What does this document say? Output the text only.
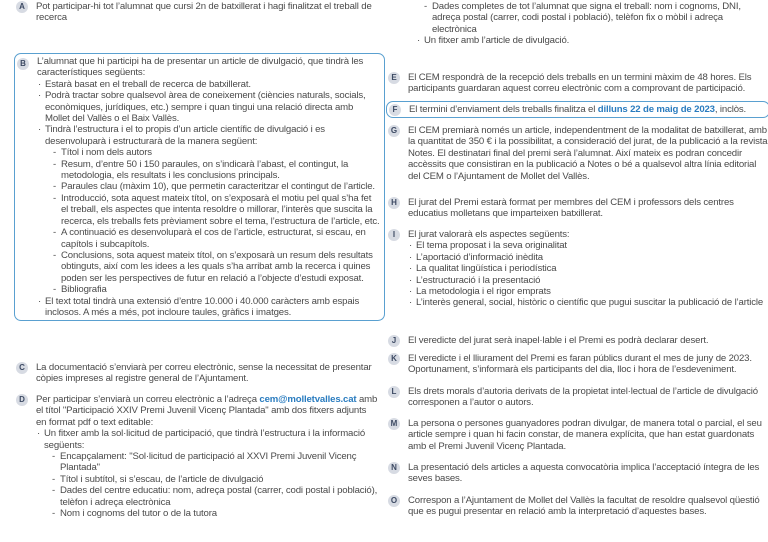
A	Pot participar-hi tot l’alumnat que cursi 2n de batxillerat i hagi finalitzat el treball de recerca
B	L’alumnat que hi participi ha de presentar un article de divulgació, que tindrà les característiques següents:
· Estarà basat en el treball de recerca de batxillerat.
· Podrà tractar sobre qualsevol àrea de coneixement (ciències naturals, socials, econòmiques, jurídiques, etc.) sempre i quan tingui una relació directa amb Mollet del Vallès o el Baix Vallès.
· Tindrà l’estructura i el to propis d’un article científic de divulgació i es desenvoluparà i estructurarà de la manera següent:
- Títol i nom dels autors
- Resum, d’entre 50 i 150 paraules, on s’indicarà l’abast, el contingut, la metodologia, els resultats i les conclusions principals.
- Paraules clau (màxim 10), que permetin caracteritzar el contingut de l’article.
- Introducció, sota aquest mateix títol, on s’exposarà el motiu pel qual s’ha fet el treball, els aspectes que intenta resoldre o millorar, l’interès que suscita la recerca, els treballs fets prèviament sobre el tema, l’estructura de l’article, etc.
- A continuació es desenvoluparà el cos de l’article, estructurat, si escau, en capítols i subcapítols.
- Conclusions, sota aquest mateix títol, on s’exposarà un resum dels resultats obtinguts, així com les idees a les quals s’ha arribat amb la recerca i quines poden ser les perspectives de futur en relació a l’objecte d’estudi exposat.
- Bibliografia
· El text total tindrà una extensió d’entre 10.000 i 40.000 caràcters amb espais inclosos. A més a més, pot incloure taules, gràfics i imatges.
C	La documentació s’enviarà per correu electrònic, sense la necessitat de presentar còpies impreses al registre general de l’Ajuntament.
D	Per participar s’enviarà un correu electrònic a l’adreça cem@molletvalles.cat amb el títol "Participació XXIV Premi Juvenil Vicenç Plantada" amb dos fitxers adjunts en format pdf o text editable:
· Un fitxer amb la sol·licitud de participació, que tindrà l’estructura i la informació següents:
- Encapçalament: "Sol·licitud de participació al XXVI Premi Juvenil Vicenç Plantada"
- Títol i subtítol, si s’escau, de l’article de divulgació
- Dades del centre educatiu: nom, adreça postal (carrer, codi postal i població), telèfon i adreça electrònica
- Nom i cognoms del tutor o de la tutora
- Dades completes de tot l’alumnat que signa el treball: nom i cognoms, DNI, adreça postal (carrer, codi postal i població), telèfon fix o mòbil i adreça electrònica
· Un fitxer amb l’article de divulgació.
E	El CEM respondrà de la recepció dels treballs en un termini màxim de 48 hores. Els participants guardaran aquest correu electrònic com a comprovant de participació.
F	El termini d’enviament dels treballs finalitza el dilluns 22 de maig de 2023, inclòs.
G	El CEM premiarà només un article, independentment de la modalitat de batxillerat, amb la quantitat de 350 € i la possibilitat, a consideració del jurat, de la publicació a la revista Notes. El destinatari final del premi serà l’alumnat. Així mateix es podran concedir accèssits que consistiran en la publicació a Notes o bé a qualsevol altra línia editorial del CEM o l’Ajuntament de Mollet del Vallès.
H	El jurat del Premi estarà format per membres del CEM i professors dels centres educatius molletans que imparteixen batxillerat.
I	El jurat valorarà els aspectes següents:
· El tema proposat i la seva originalitat
· L’aportació d’informació inèdita
· La qualitat lingüística i periodística
· L’estructuració i la presentació
· La metodologia i el rigor emprats
· L’interès general, social, històric o científic que pugui suscitar la publicació de l’article
J	El veredicte del jurat serà inapel·lable i el Premi es podrà declarar desert.
K	El veredicte i el lliurament del Premi es faran públics durant el mes de juny de 2023. Oportunament, s’informarà els participants del dia, lloc i hora de l’esdeveniment.
L	Els drets morals d’autoria derivats de la propietat intel·lectual de l’article de divulgació corresponen a l’autor o autors.
M La persona o persones guanyadores podran divulgar, de manera total o parcial, el seu article sempre i quan hi facin constar, de manera explícita, que han estat guardonats amb el Premi Juvenil Vicenç Plantada.
N	La presentació dels articles a aquesta convocatòria implica l’acceptació íntegra de les seves bases.
O	Correspon a l’Ajuntament de Mollet del Vallès la facultat de resoldre qualsevol qüestió que es pugui presentar en relació amb la interpretació d’aquestes bases.
